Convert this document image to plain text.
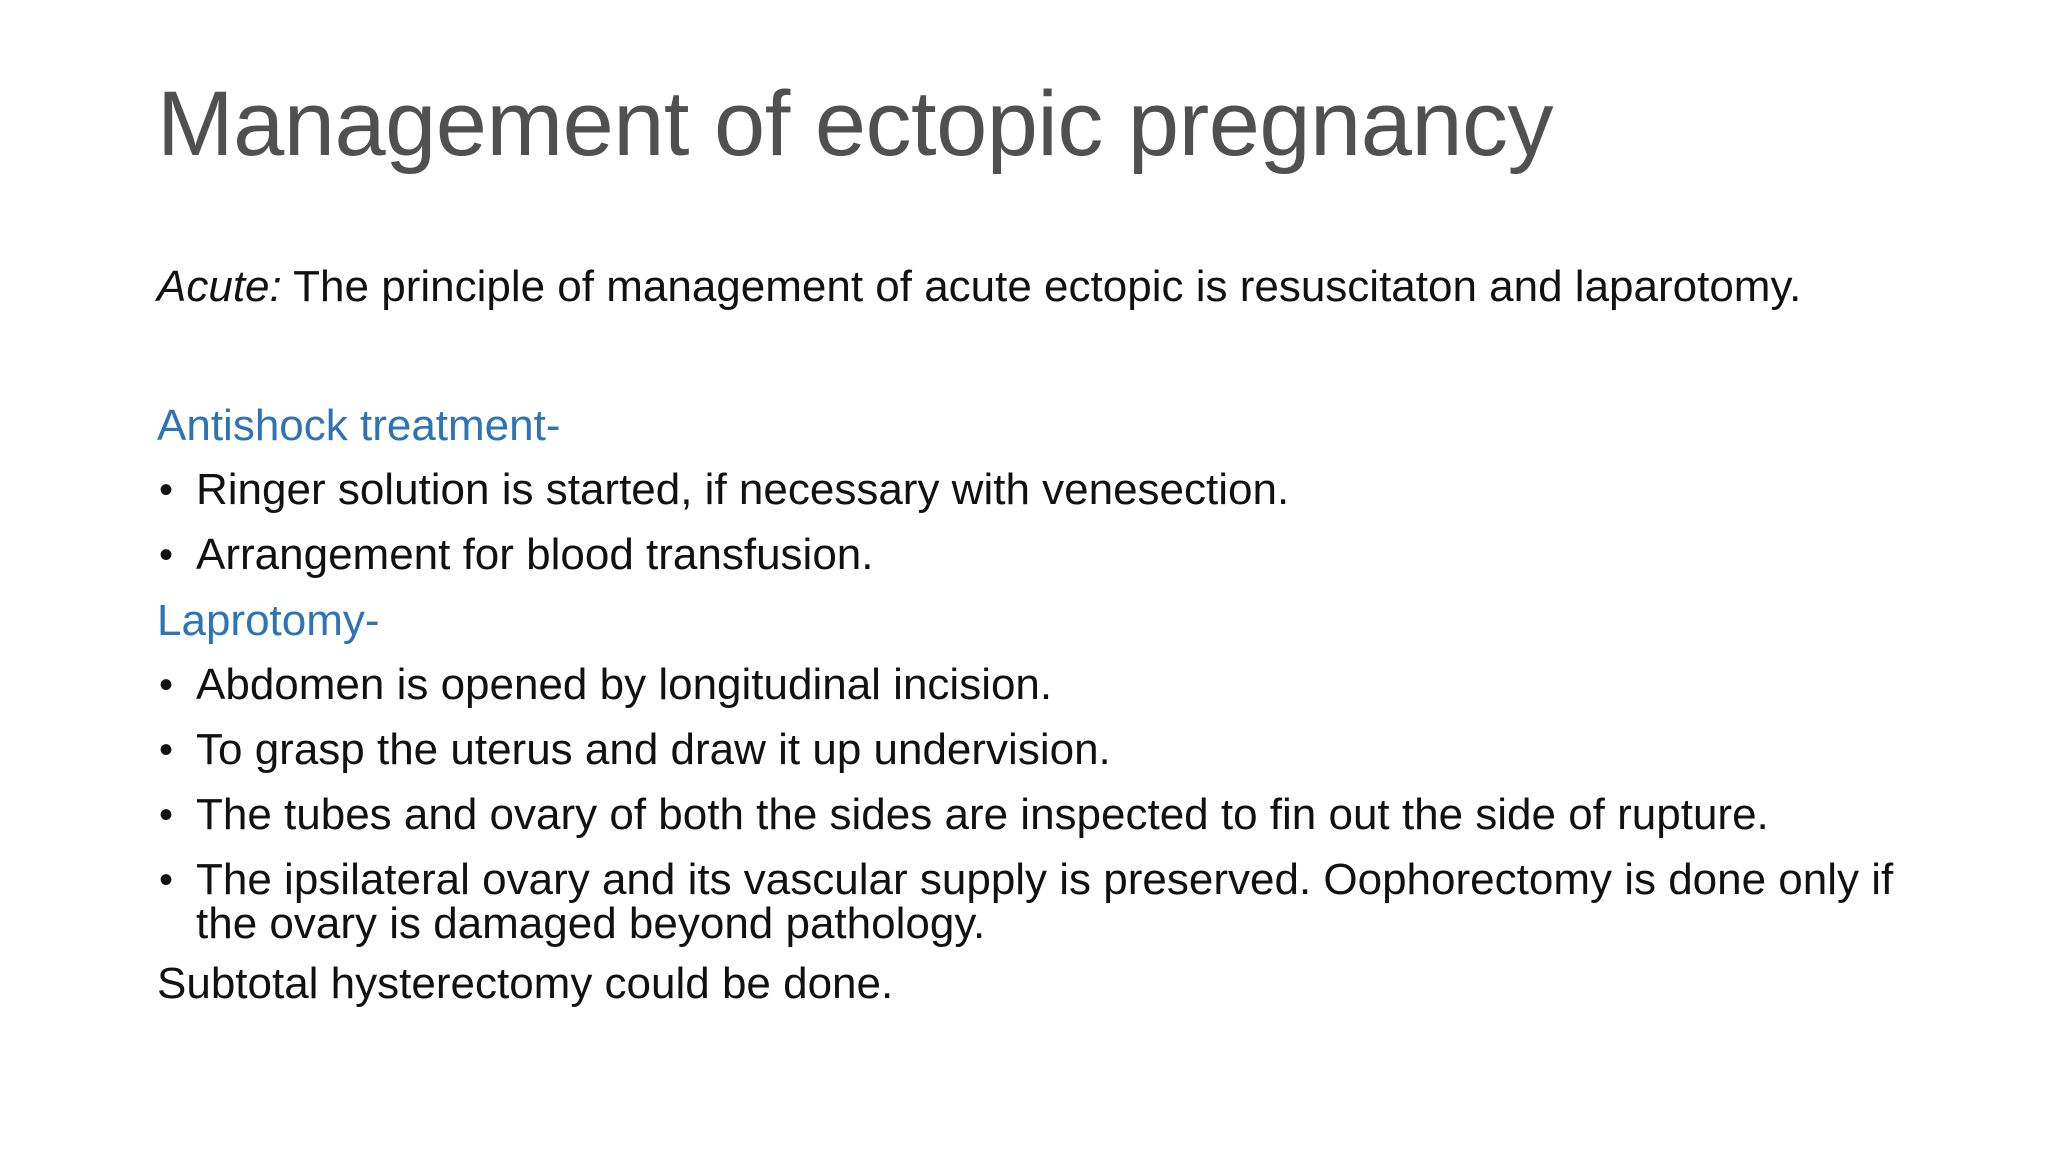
Management of ectopic pregnancy

Acute: The principle of management of acute ectopic is resuscitaton and laparotomy.

Antishock treatment-

• Ringer solution is started, if necessary with venesection.
• Arrangement for blood transfusion.

Laprotomy-

• Abdomen is opened by longitudinal incision.
• To grasp the uterus and draw it up undervision.
• The tubes and ovary of both the sides are inspected to fin out the side of rupture.
• The ipsilateral ovary and its vascular supply is preserved. Oophorectomy is done only if the ovary is damaged beyond pathology.

Subtotal hysterectomy could be done.
